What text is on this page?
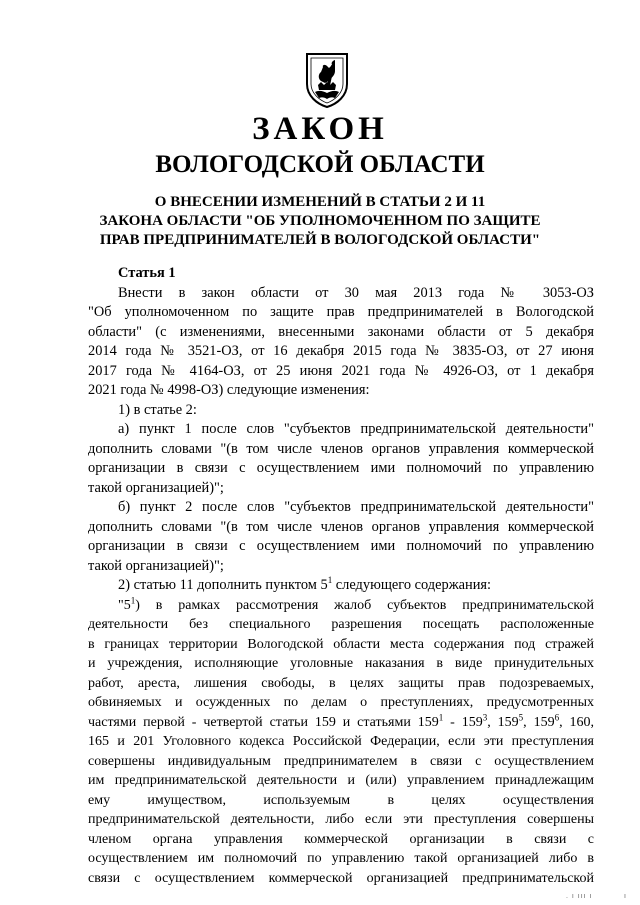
ЗАКОН
ВОЛОГОДСКОЙ ОБЛАСТИ
О ВНЕСЕНИИ ИЗМЕНЕНИЙ В СТАТЬИ 2 И 11
ЗАКОНА ОБЛАСТИ "ОБ УПОЛНОМОЧЕННОМ ПО ЗАЩИТЕ
ПРАВ ПРЕДПРИНИМАТЕЛЕЙ В ВОЛОГОДСКОЙ ОБЛАСТИ"
Статья 1
Внести в закон области от 30 мая 2013 года № 3053-ОЗ
"Об уполномоченном по защите прав предпринимателей в Вологодской
области" (с изменениями, внесенными законами области от 5 декабря
2014 года № 3521-ОЗ, от 16 декабря 2015 года № 3835-ОЗ, от 27 июня
2017 года № 4164-ОЗ, от 25 июня 2021 года № 4926-ОЗ, от 1 декабря
2021 года № 4998-ОЗ) следующие изменения:
1) в статье 2:
а) пункт 1 после слов "субъектов предпринимательской деятельности"
дополнить словами "(в том числе членов органов управления коммерческой
организации в связи с осуществлением ими полномочий по управлению
такой организацией)";
б) пункт 2 после слов "субъектов предпринимательской деятельности"
дополнить словами "(в том числе членов органов управления коммерческой
организации в связи с осуществлением ими полномочий по управлению
такой организацией)";
2) статью 11 дополнить пунктом $5^1$ следующего содержания:
"$5^1$) в рамках рассмотрения жалоб субъектов предпринимательской
деятельности без специального разрешения посещать расположенные
в границах территории Вологодской области места содержания под стражей
и учреждения, исполняющие уголовные наказания в виде принудительных
работ, ареста, лишения свободы, в целях защиты прав подозреваемых,
обвиняемых и осужденных по делам о преступлениях, предусмотренных
частями первой - четвертой статьи 159 и статьями $159^1 - 159^3$, $159^5$, $159^6$, 160,
165 и 201 Уголовного кодекса Российской Федерации, если эти преступления
совершены индивидуальным предпринимателем в связи с осуществлением
им предпринимательской деятельности и (или) управлением принадлежащим
ему имуществом, используемым в целях осуществления
предпринимательской деятельности, либо если эти преступления совершены
членом органа управления коммерческой организации в связи с
осуществлением им полномочий по управлению такой организацией либо в
связи с осуществлением коммерческой организацией предпринимательской
. ı ııı ı	ı
